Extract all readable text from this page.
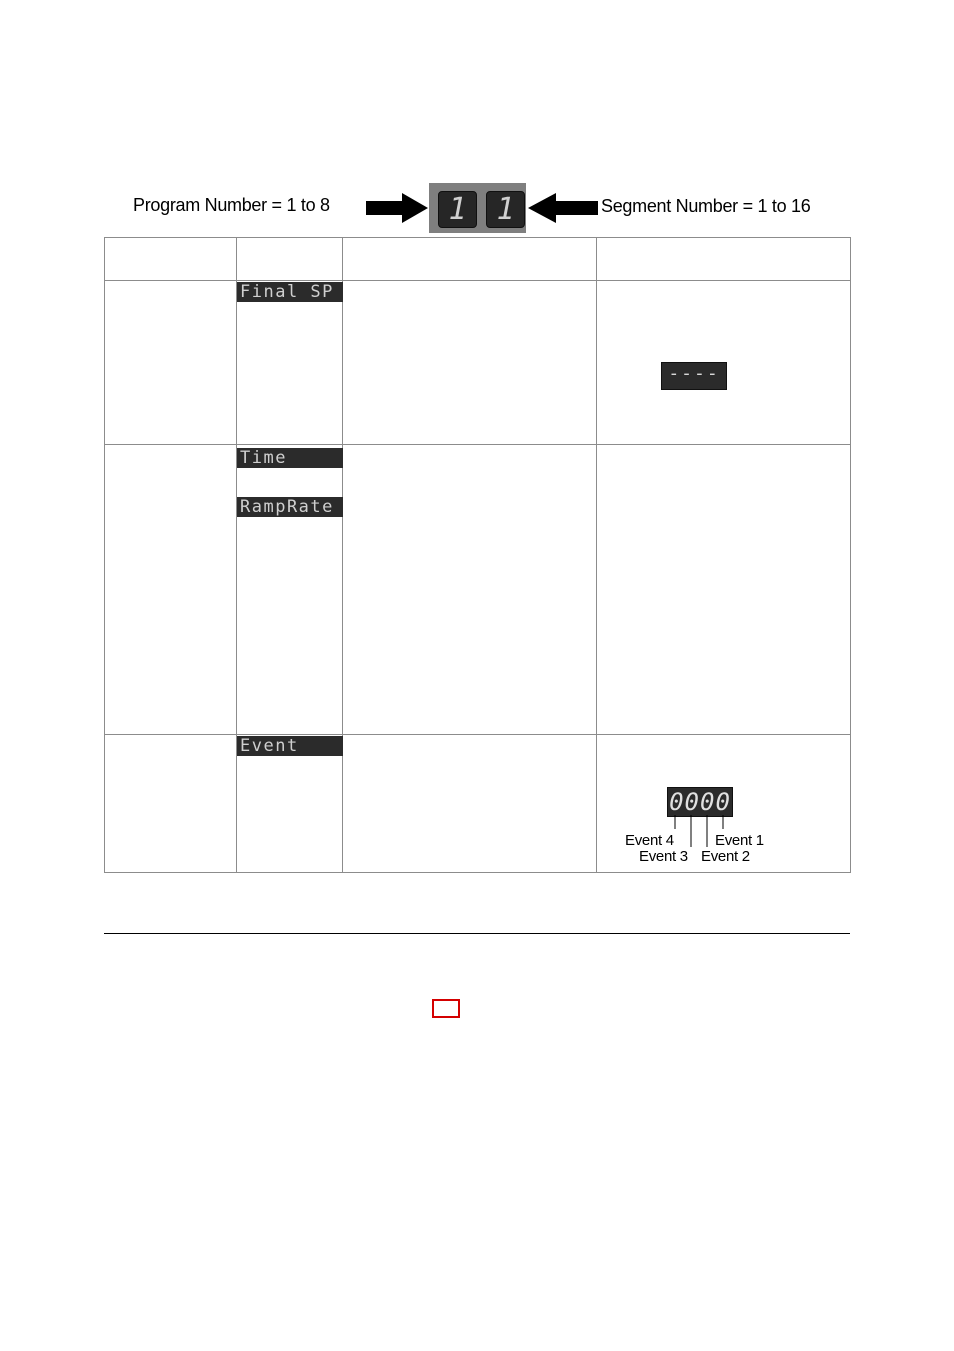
Program Number = 1 to 8	1 1	Segment Number = 1 to 16

	Final SP		----

	Time
RampRate		

	Event		0000
Event 4
Event 3
Event 1
Event 2
